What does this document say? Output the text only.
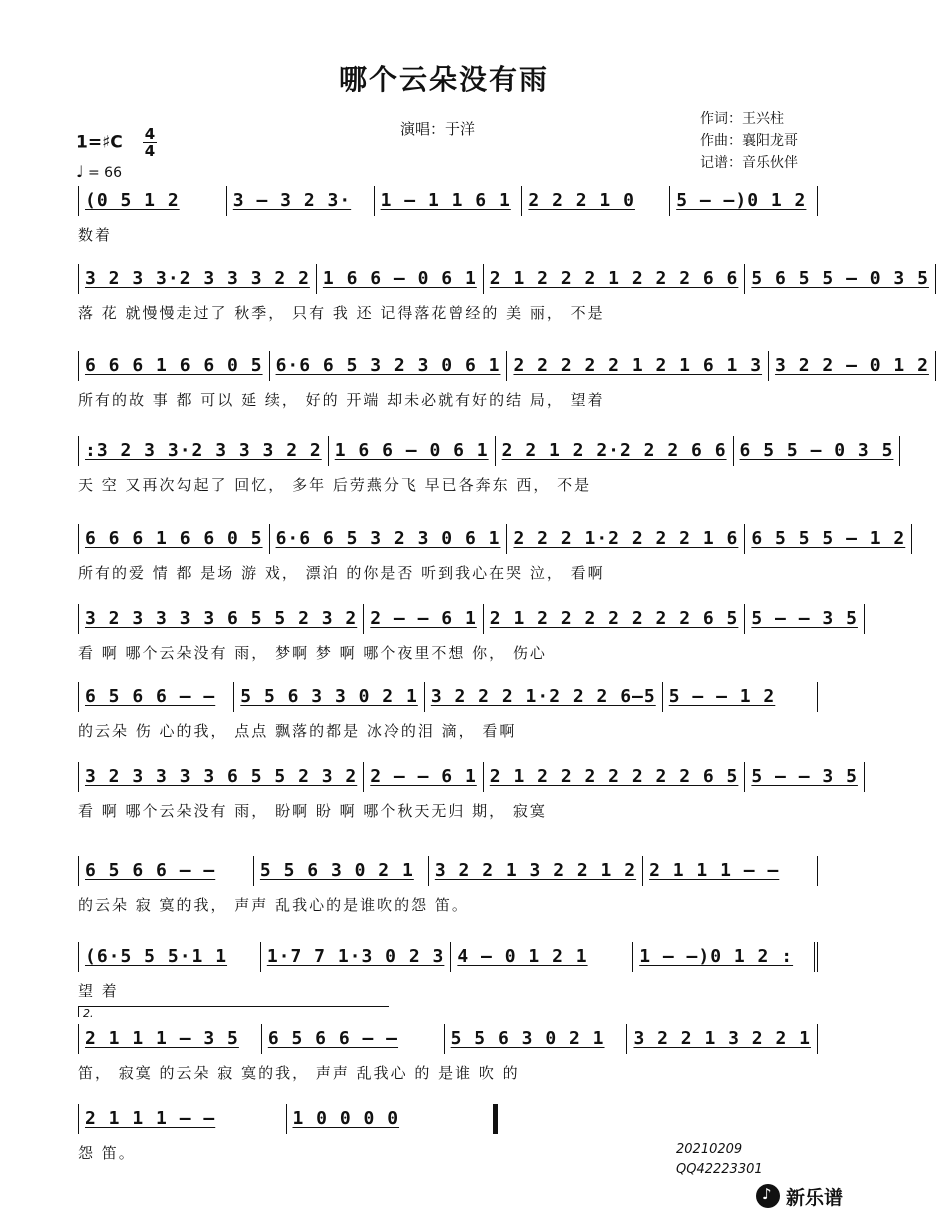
哪个云朵没有雨
演唱：于洋
作词：王兴柱
作曲：襄阳龙哥
记谱：音乐伙伴
1=♯C $\frac{4}{4}$
♩ = 66
(0 5 1 2	3 – 3 2 3·	1 – 1 1 6 1 2 2 2 1 0	5 – –)0 1 2
数着
3 2 3 3·2 3 3 3 2 2 1 6 6 – 0 6 1 2 1 2 2 2 1 2 2 2 6 6 5 6 5 5 – 0 3 5
落 花 就慢慢走过了 秋季， 只有 我 还 记得落花曾经的 美 丽， 不是
6 6 6 1 6 6 0 5 6·6 6 5 3 2 3 0 6 1 2 2 2 2 2 1 2 1 6 1 3 3 2 2 – 0 1 2
所有的故 事 都 可以 延 续， 好的 开端 却未必就有好的结 局， 望着
:3 2 3 3·2 3 3 3 2 2 1 6 6 – 0 6 1 2 2 1 2 2·2 2 2 6 6 6 5 5 – 0 3 5
天 空 又再次勾起了 回忆， 多年 后劳燕分飞 早已各奔东 西， 不是
6 6 6 1 6 6 0 5 6·6 6 5 3 2 3 0 6 1 2 2 2 1·2 2 2 2 1 6 6 5 5 5 – 1 2
所有的爱 情 都 是场 游 戏， 漂泊 的你是否 听到我心在哭 泣， 看啊
3 2 3 3 3 3 6 5 5 2 3 2 2 – – 6 1 2 1 2 2 2 2 2 2 2 6 5 5 – – 3 5
看 啊 哪个云朵没有 雨， 梦啊 梦 啊 哪个夜里不想 你， 伤心
6 5 6 6 – –	5 5 6 3 3 0 2 1 3 2 2 2 1·2 2 2 6–5 5 – – 1 2
的云朵 伤 心的我， 点点 飘落的都是 冰冷的泪 滴， 看啊
3 2 3 3 3 3 6 5 5 2 3 2 2 – – 6 1 2 1 2 2 2 2 2 2 2 6 5 5 – – 3 5
看 啊 哪个云朵没有 雨， 盼啊 盼 啊 哪个秋天无归 期， 寂寞
6 5 6 6 – –	5 5 6 3 0 2 1	3 2 2 1 3 2 2 1 2 2 1 1 1 – –
的云朵 寂 寞的我， 声声 乱我心的是谁吹的怨 笛。
(6·5 5 5·1 1	1·7 7 1·3 0 2 3 4 – 0 1 2 1	1 – –)0 1 2 :
望 着
2 1 1 1 – 3 5	6 5 6 6 – –	5 5 6 3 0 2 1	3 2 2 1 3 2 2 1
笛， 寂寞 的云朵 寂 寞的我， 声声 乱我心 的 是谁 吹 的
2 1 1 1 – –	1 0 0 0 0
怨 笛。
2.
20210209
QQ42223301
♪
新乐谱
